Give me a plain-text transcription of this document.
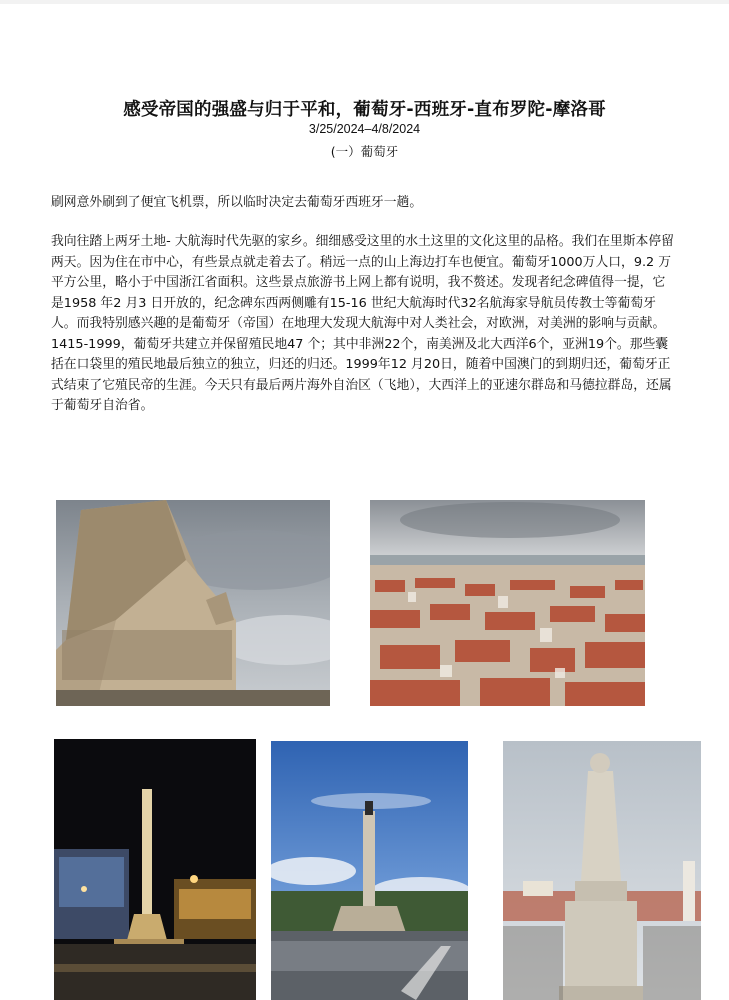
感受帝国的强盛与归于平和，葡萄牙-西班牙-直布罗陀-摩洛哥
3/25/2024–4/8/2024
(一）葡萄牙

刷网意外刷到了便宜飞机票，所以临时决定去葡萄牙西班牙一趟。

我向往踏上两牙土地- 大航海时代先驱的家乡。细细感受这里的水土这里的文化这里的品格。我们在里斯本停留两天。因为住在市中心，有些景点就走着去了。稍远一点的山上海边打车也便宜。葡萄牙1000万人口，9.2 万平方公里，略小于中国浙江省面积。这些景点旅游书上网上都有说明，我不赘述。发现者纪念碑值得一提，它是1958 年2 月3 日开放的，纪念碑东西两侧雕有15-16 世纪大航海时代32名航海家导航员传教士等葡萄牙人。而我特别感兴趣的是葡萄牙（帝国）在地理大发现大航海中对人类社会，对欧洲，对美洲的影响与贡献。1415-1999，葡萄牙共建立并保留殖民地47 个；其中非洲22个，南美洲及北大西洋6个，亚洲19个。那些囊括在口袋里的殖民地最后独立的独立，归还的归还。1999年12 月20日，随着中国澳门的到期归还，葡萄牙正式结束了它殖民帝的生涯。今天只有最后两片海外自治区（飞地），大西洋上的亚速尔群岛和马德拉群岛，还属于葡萄牙自治省。
